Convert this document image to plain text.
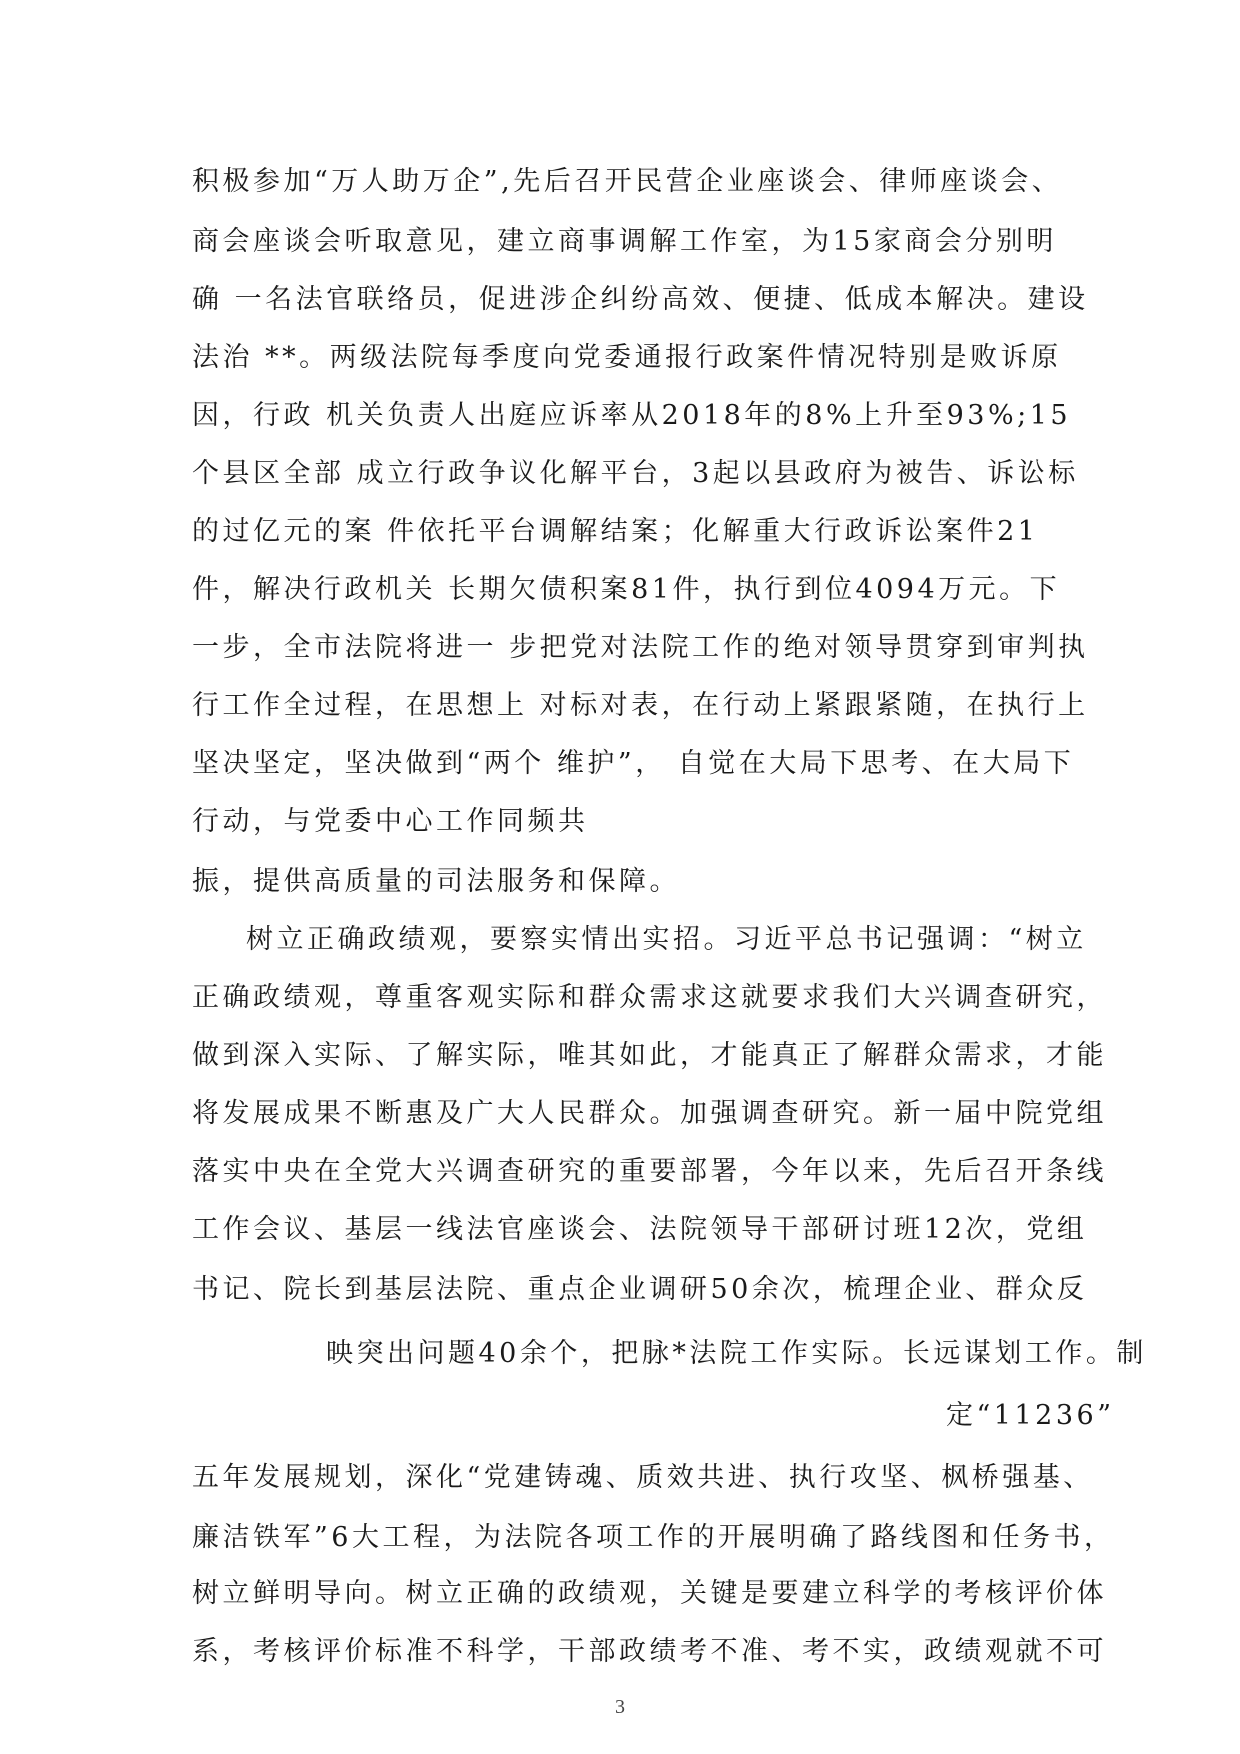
积极参加“万人助万企”,先后召开民营企业座谈会、律师座谈会、
商会座谈会听取意见，建立商事调解工作室，为15家商会分别明
确 一名法官联络员，促进涉企纠纷高效、便捷、低成本解决。建设
法治 **。两级法院每季度向党委通报行政案件情况特别是败诉原
因，行政 机关负责人出庭应诉率从2018年的8%上升至93%;15
个县区全部 成立行政争议化解平台，3起以县政府为被告、诉讼标
的过亿元的案 件依托平台调解结案；化解重大行政诉讼案件21
件，解决行政机关 长期欠债积案81件，执行到位4094万元。下
一步，全市法院将进一 步把党对法院工作的绝对领导贯穿到审判执
行工作全过程，在思想上 对标对表，在行动上紧跟紧随，在执行上
坚决坚定，坚决做到“两个 维护”， 自觉在大局下思考、在大局下
行动，与党委中心工作同频共
振，提供高质量的司法服务和保障。
树立正确政绩观，要察实情出实招。习近平总书记强调：“树立
正确政绩观，尊重客观实际和群众需求这就要求我们大兴调查研究，
做到深入实际、了解实际，唯其如此，才能真正了解群众需求，才能
将发展成果不断惠及广大人民群众。加强调查研究。新一届中院党组
落实中央在全党大兴调查研究的重要部署，今年以来，先后召开条线
工作会议、基层一线法官座谈会、法院领导干部研讨班12次，党组
书记、院长到基层法院、重点企业调研50余次，梳理企业、群众反
映突出问题40余个，把脉*法院工作实际。长远谋划工作。制
定“11236”
五年发展规划，深化“党建铸魂、质效共进、执行攻坚、枫桥强基、
廉洁铁军”6大工程，为法院各项工作的开展明确了路线图和任务书，
树立鲜明导向。树立正确的政绩观，关键是要建立科学的考核评价体
系，考核评价标准不科学，干部政绩考不准、考不实，政绩观就不可
3
